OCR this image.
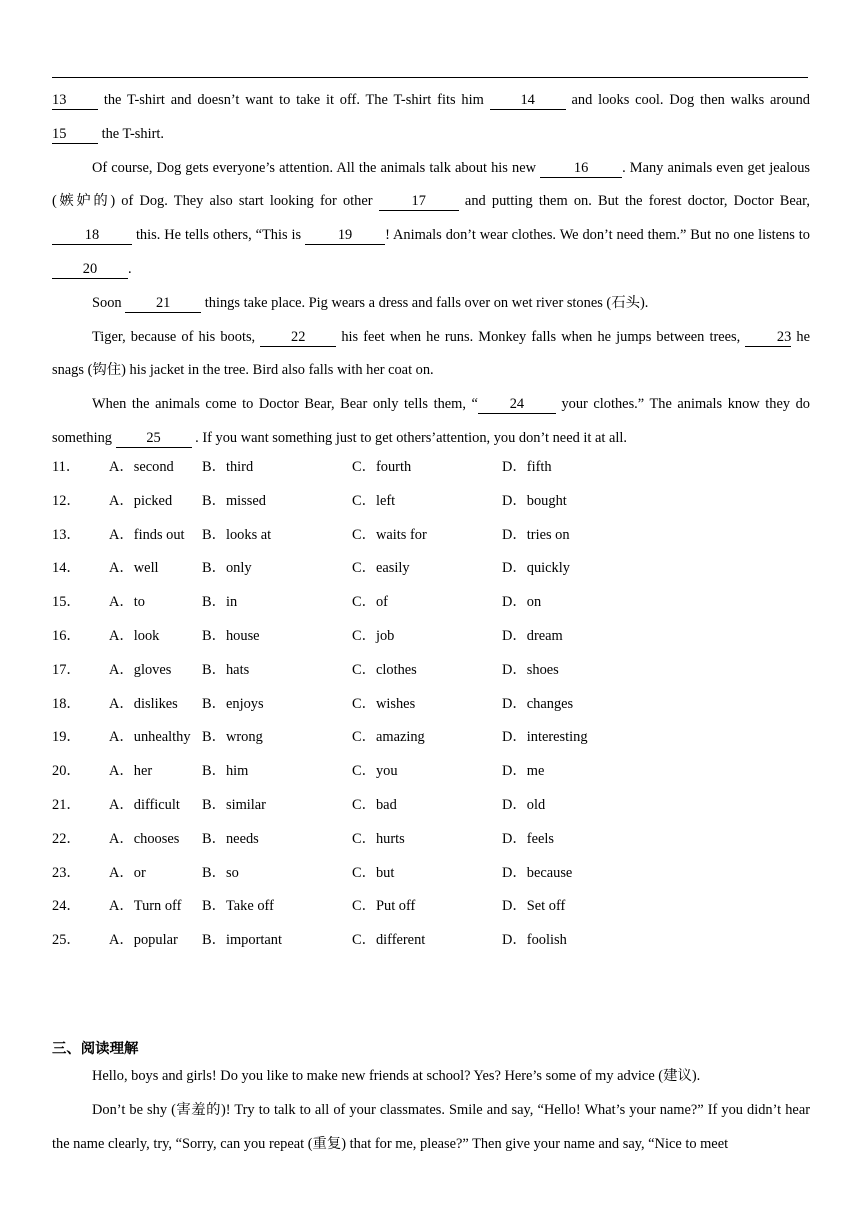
13 the T-shirt and doesn’t want to take it off. The T-shirt fits him 14 and looks cool. Dog then walks around 15 the T-shirt.

Of course, Dog gets everyone’s attention. All the animals talk about his new 16 . Many animals even get jealous (嫉妒的) of Dog. They also start looking for other 17 and putting them on. But the forest doctor, Doctor Bear, 18 this. He tells others, “This is 19 ! Animals don’t wear clothes. We don’t need them.” But no one listens to 20 .

Soon 21 things take place. Pig wears a dress and falls over on wet river stones (石头).

Tiger, because of his boots, 22 his feet when he runs. Monkey falls when he jumps between trees, 23 he snags (钩住) his jacket in the tree. Bird also falls with her coat on.

When the animals come to Doctor Bear, Bear only tells them, “ 24 your clothes.” The animals know they do something 25 . If you want something just to get others’attention, you don’t need it at all.

11． A．second B．third	C．fourth	D．fifth
12． A．picked B．missed	C．left	D．bought
13． A．finds out B．looks at	C．waits for	D．tries on
14． A．well	B．only	C．easily	D．quickly
15． A．to	B．in	C．of	D．on
16． A．look	B．house	C．job	D．dream
17． A．gloves B．hats	C．clothes	D．shoes
18． A．dislikes B．enjoys	C．wishes	D．changes
19． A．unhealthy B．wrong	C．amazing	D．interesting
20． A．her	B．him	C．you	D．me
21． A．difficult B．similar	C．bad	D．old
22． A．chooses B．needs	C．hurts	D．feels
23． A．or	B．so	C．but	D．because
24． A．Turn off B．Take off	C．Put off	D．Set off
25． A．popular B．important	C．different	D．foolish
三、阅读理解

Hello, boys and girls! Do you like to make new friends at school? Yes? Here’s some of my advice (建议).

Don’t be shy (害羞的)! Try to talk to all of your classmates. Smile and say, “Hello! What’s your name?” If you didn’t hear the name clearly, try, “Sorry, can you repeat (重复) that for me, please?” Then give your name and say, “Nice to meet
